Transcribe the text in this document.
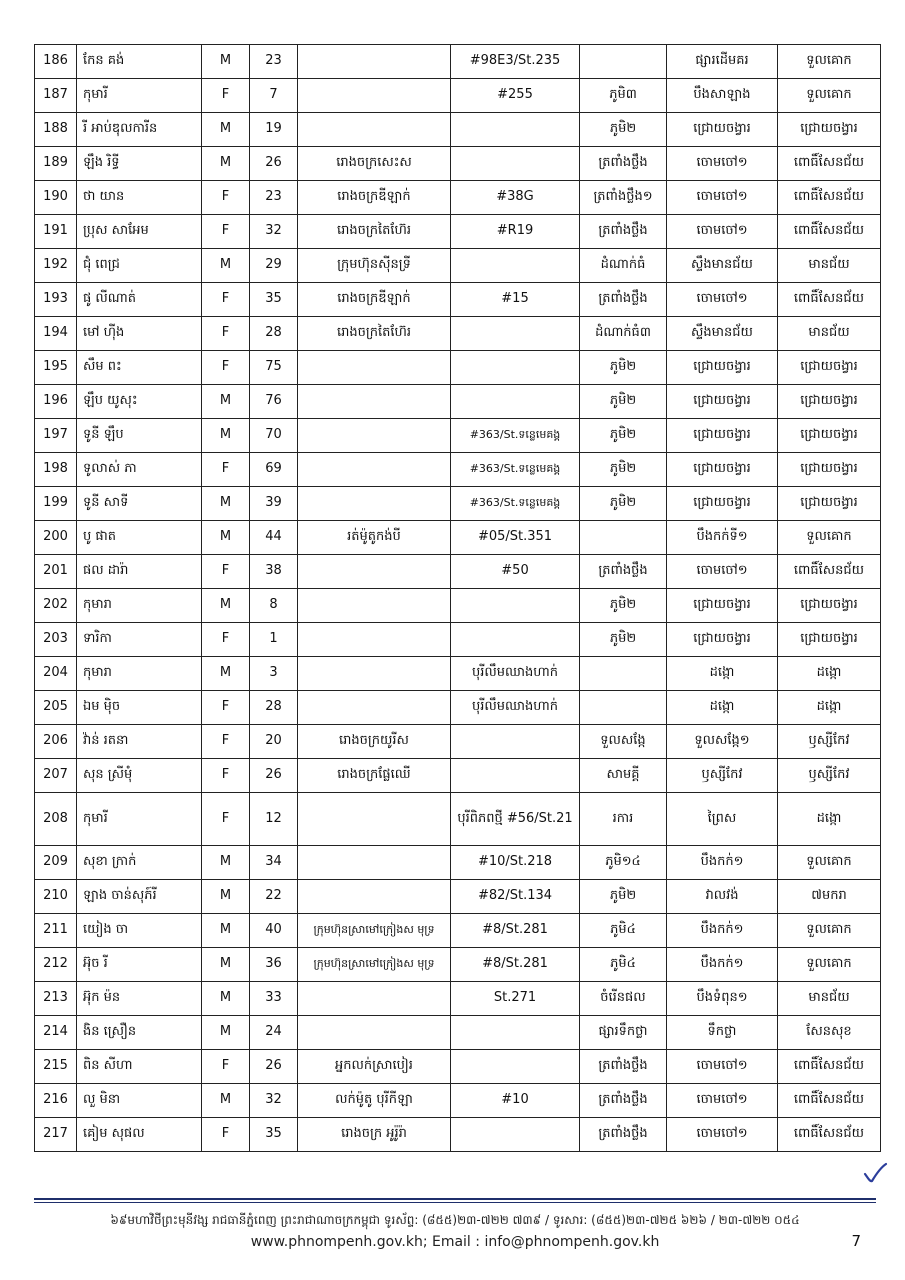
186	កែន គង់	M	23		#98E3/St.235		ផ្សារដើមគរ	ទួលគោក
187	កុមារី	F	7		#255	ភូមិ៣	បឹងសាឡាង	ទួលគោក
188	រី អាប់ឌុលការីន	M	19			ភូមិ២	ជ្រោយចង្វារ	ជ្រោយចង្វារ
189	ឡឹង រិទ្ធី	M	26	រោងចក្រសេះស		ត្រពាំងថ្លឹង	ចោមចៅ១	ពោធិ៍សែនជ័យ
190	ថា យាន	F	23	រោងចក្រឌីឡាក់	#38G	ត្រពាំងថ្លឹង១	ចោមចៅ១	ពោធិ៍សែនជ័យ
191	ប្រុស សាអែម	F	32	រោងចក្រតៃហ៊ែរ	#R19	ត្រពាំងថ្លឹង	ចោមចៅ១	ពោធិ៍សែនជ័យ
192	ជុំ ពេជ្រ	M	29	ក្រុមហ៊ុនស៊ីនទ្រី		ដំណាក់ធំ	ស្ទឹងមានជ័យ	មានជ័យ
193	ផូ លីណាត់	F	35	រោងចក្រឌីឡាក់	#15	ត្រពាំងថ្លឹង	ចោមចៅ១	ពោធិ៍សែនជ័យ
194	មៅ ហ៊ីង	F	28	រោងចក្រតៃហ៊ែរ		ដំណាក់ធំ៣	ស្ទឹងមានជ័យ	មានជ័យ
195	សឹម ពះ	F	75			ភូមិ២	ជ្រោយចង្វារ	ជ្រោយចង្វារ
196	ឡឹប យូសុះ	M	76			ភូមិ២	ជ្រោយចង្វារ	ជ្រោយចង្វារ
197	ទូនី ឡឹប	M	70		#363/St.ទន្លេមេគង្គ	ភូមិ២	ជ្រោយចង្វារ	ជ្រោយចង្វារ
198	ទូលាស់ ភា	F	69		#363/St.ទន្លេមេគង្គ	ភូមិ២	ជ្រោយចង្វារ	ជ្រោយចង្វារ
199	ទូនី សាទី	M	39		#363/St.ទន្លេមេគង្គ	ភូមិ២	ជ្រោយចង្វារ	ជ្រោយចង្វារ
200	បូ ផាត	M	44	រត់ម៉ូតូកង់បី	#05/St.351		បឹងកក់ទី១	ទួលគោក
201	ផល ដារ៉ា	F	38		#50	ត្រពាំងថ្លឹង	ចោមចៅ១	ពោធិ៍សែនជ័យ
202	កុមារា	M	8			ភូមិ២	ជ្រោយចង្វារ	ជ្រោយចង្វារ
203	ទារិកា	F	1			ភូមិ២	ជ្រោយចង្វារ	ជ្រោយចង្វារ
204	កុមារា	M	3		បុរីលឹមឈាងហាក់		ដង្កោ	ដង្កោ
205	ឯម ម៉ិច	F	28		បុរីលឹមឈាងហាក់		ដង្កោ	ដង្កោ
206	វ៉ាន់ រតនា	F	20	រោងចក្រយូរីស		ទួលសង្កែ	ទួលសង្កែ១	ឫស្សីកែវ
207	សុន ស្រីមុំ	F	26	រោងចក្រផ្លែឈើ		សាមគ្គី	ឫស្សីកែវ	ឫស្សីកែវ
208	កុមារី	F	12		បុរីពិភពថ្មី #56/St.21	រការ	ព្រៃស	ដង្កោ
209	សុខា ក្រាក់	M	34		#10/St.218	ភូមិ១៤	បឹងកក់១	ទួលគោក
210	ឡាង ចាន់សុភ៍រី	M	22		#82/St.134	ភូមិ២	វាលវង់	៧មករា
211	យៀង ចា	M	40	ក្រុមហ៊ុនស្រាមៅក្រៀងស មុទ្រ	#8/St.281	ភូមិ៤	បឹងកក់១	ទួលគោក
212	អ៊ុច រី	M	36	ក្រុមហ៊ុនស្រាមៅក្រៀងស មុទ្រ	#8/St.281	ភូមិ៤	បឹងកក់១	ទួលគោក
213	អ៊ុក ម៉ន	M	33		St.271	ចំរើនផល	បឹងទំពុន១	មានជ័យ
214	ងិន ស្រឿន	M	24			ផ្សារទឹកថ្លា	ទឹកថ្លា	សែនសុខ
215	ពិន សីហា	F	26	អ្នកលក់ស្រាបៀរ		ត្រពាំងថ្លឹង	ចោមចៅ១	ពោធិ៍សែនជ័យ
216	លួ មិនា	M	32	លក់ម៉ូតូ បុរីកីឡា	#10	ត្រពាំងថ្លឹង	ចោមចៅ១	ពោធិ៍សែនជ័យ
217	គៀម សុផល	F	35	រោងចក្រ អូរ៉ូរ៉ា		ត្រពាំងថ្លឹង	ចោមចៅ១	ពោធិ៍សែនជ័យ
៦៩មហាវិថីព្រះមុនីវង្ស រាជធានីភ្នំពេញ ព្រះរាជាណាចក្រកម្ពុជា ទូរស័ព្ទ: (៨៥៥)២៣-៧២២ ៧៣៩ / ទូរសារ: (៨៥៥)២៣-៧២៥ ៦២៦ / ២៣-៧២២ ០៥៤
www.phnompenh.gov.kh; Email : info@phnompenh.gov.kh	7
